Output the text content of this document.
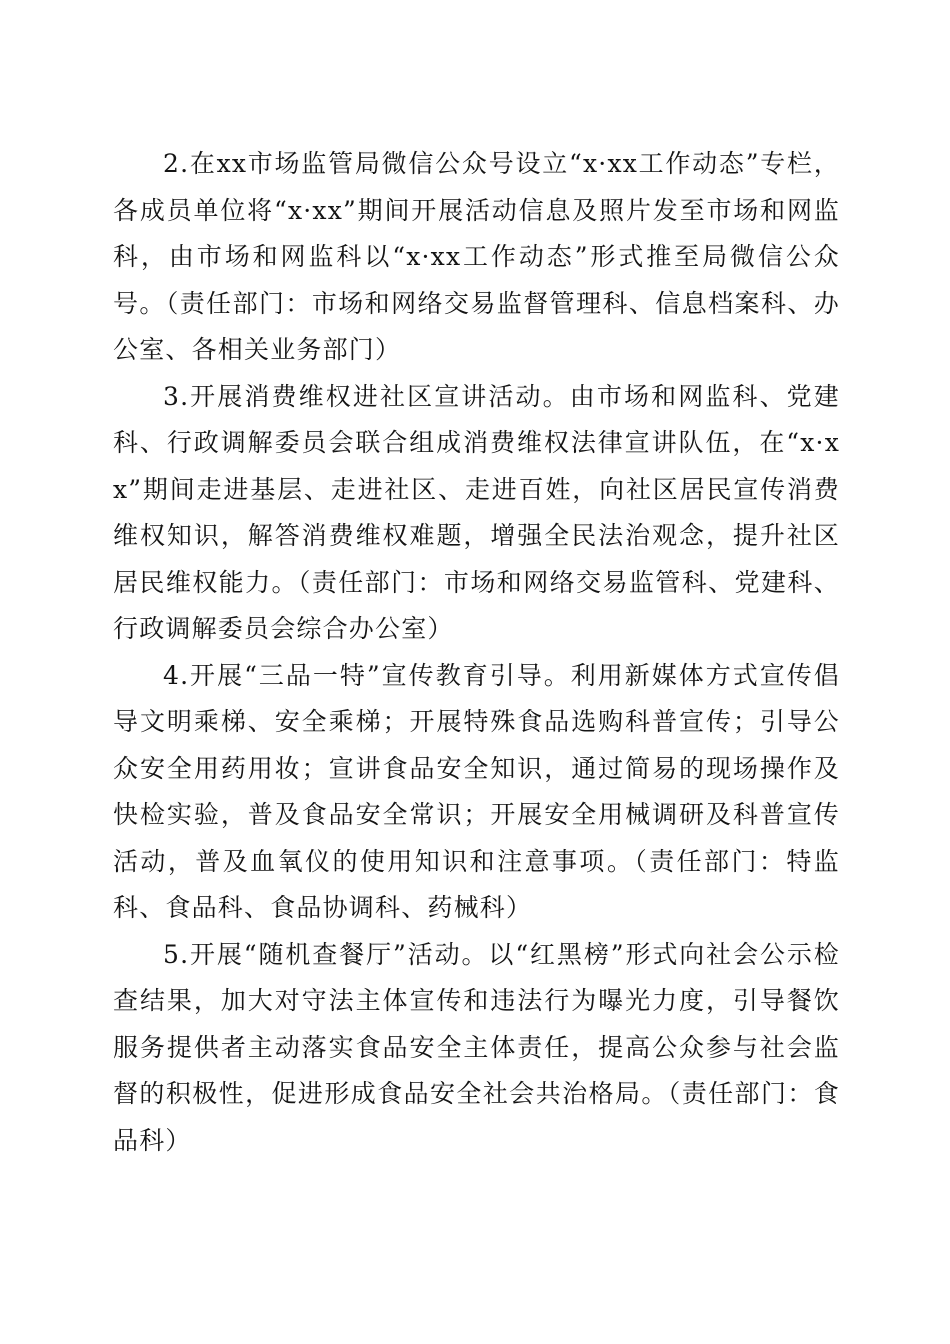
2.在xx市场监管局微信公众号设立“x·xx工作动态”专栏，各成员单位将“x·xx”期间开展活动信息及照片发至市场和网监科，由市场和网监科以“x·xx工作动态”形式推至局微信公众号。（责任部门：市场和网络交易监督管理科、信息档案科、办公室、各相关业务部门）

3.开展消费维权进社区宣讲活动。由市场和网监科、党建科、行政调解委员会联合组成消费维权法律宣讲队伍，在“x·xx”期间走进基层、走进社区、走进百姓，向社区居民宣传消费维权知识，解答消费维权难题，增强全民法治观念，提升社区居民维权能力。（责任部门：市场和网络交易监管科、党建科、行政调解委员会综合办公室）

4.开展“三品一特”宣传教育引导。利用新媒体方式宣传倡导文明乘梯、安全乘梯；开展特殊食品选购科普宣传；引导公众安全用药用妆；宣讲食品安全知识，通过简易的现场操作及快检实验，普及食品安全常识；开展安全用械调研及科普宣传活动，普及血氧仪的使用知识和注意事项。（责任部门：特监科、食品科、食品协调科、药械科）

5.开展“随机查餐厅”活动。以“红黑榜”形式向社会公示检查结果，加大对守法主体宣传和违法行为曝光力度，引导餐饮服务提供者主动落实食品安全主体责任，提高公众参与社会监督的积极性，促进形成食品安全社会共治格局。（责任部门：食品科）
